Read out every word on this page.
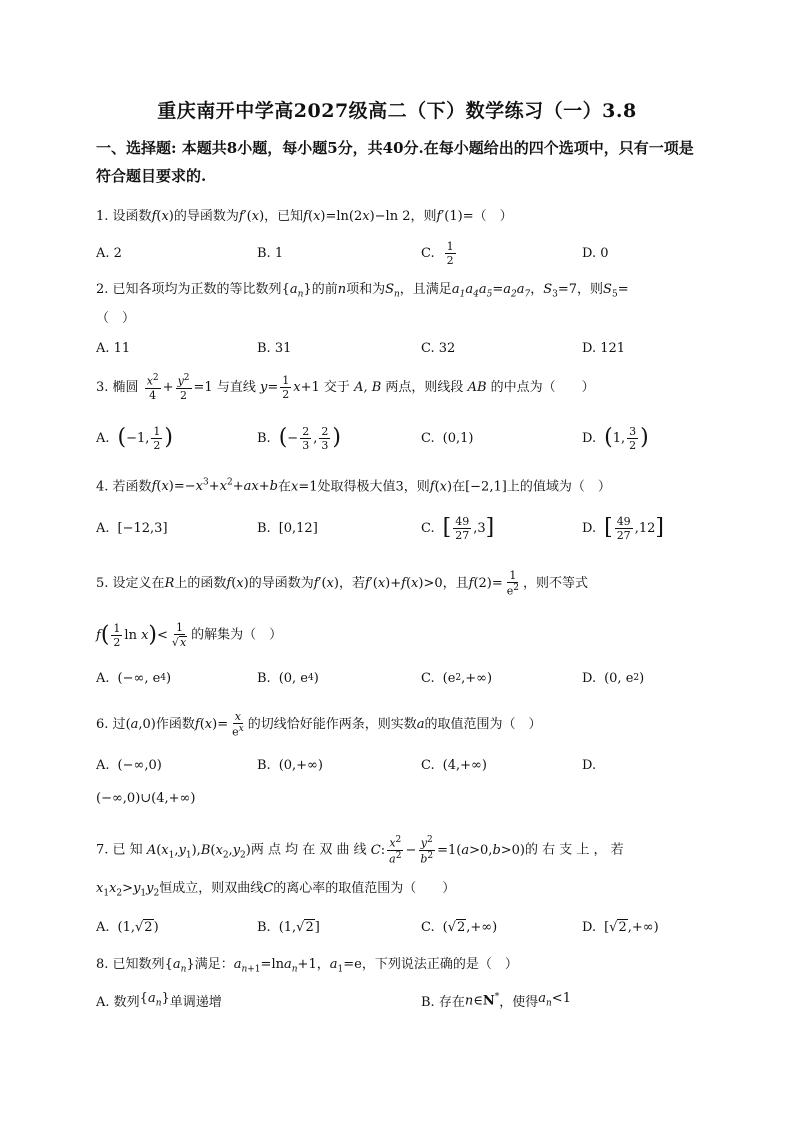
重庆南开中学高2027级高二（下）数学练习（一）3.8
一、选择题: 本题共8小题，每小题5分，共40分.在每小题给出的四个选项中，只有一项是符合题目要求的.
1. 设函数f(x)的导函数为f′(x)，已知f(x)=ln(2x)−ln 2，则f′(1)=（　）
A. 2	B. 1	C. $\frac{1}{2}$	D. 0
2. 已知各项均为正数的等比数列$\{a_n\}$的前n项和为$S_n$，且满足$a_1a_4a_5=a_2a_7$，$S_3=7$，则$S_5=$
（　）
A. 11	B. 31	C. 32	D. 121
3. 椭圆 $\frac{x^2}{4} + \frac{y^2}{2} =1$ 与直线 $y= \frac{1}{2} x+1$ 交于 A, B 两点，则线段 AB 的中点为（　　）
A. ( −1, $\frac{1}{2}$ )	B. ( − $\frac{2}{3}$ , $\frac{2}{3}$ )	C. (0,1)	D. ( 1, $\frac{3}{2}$ )
4. 若函数$f(x)=-x^3+x^2+ax+b$在x=1处取得极大值3，则f(x)在[−2,1]上的值域为（　）
A. [−12,3]	B. [0,12]	C. [ $\frac{49}{27} ,3$ ]	D. [ $\frac{49}{27} ,12$ ]
5. 设定义在R上的函数f(x)的导函数为f′(x)，若f′(x)+f(x)>0，且$f(2)= \frac{1}{e^2}$ ，则不等式
$f( \frac{1}{2}$ $\ln x)< \frac{1}{√x}$ 的解集为（　）
A. (−∞, e 4 )	B. (0, e 4 )	C. (e 2 ,+∞)	D. (0, e 2 )
6. 过(a,0)作函数$f(x)= \frac{x}{e^x}$ 的切线恰好能作两条，则实数a的取值范围为（　）
A. (−∞,0)	B. (0,+∞)	C. (4,+∞)	D.
(−∞,0)∪(4,+∞)
7. 已 知 $A(x_1,y_1),B(x_2,y_2)$两 点 均 在 双 曲 线 C: $\frac{x^2}{a^2} - \frac{y^2}{b^2} =1(a>0,b>0)$的 右 支 上 ， 若
$x_1x_2>y_1y_2$恒成立，则双曲线C的离心率的取值范围为（　　）
A. (1,√ 2 )	B. (1,√ 2 ]	C. (√ 2 ,+∞)	D. [√ 2 ,+∞)
8. 已知数列$\{a_n\}$满足：$a_{n+1}=\ln a_n+1$，$a_1=e$，下列说法正确的是（　）
A. 数列 $\{a_n\}$ 单调递增	B. 存在 n∈N* ，使得 $a_n<1$
